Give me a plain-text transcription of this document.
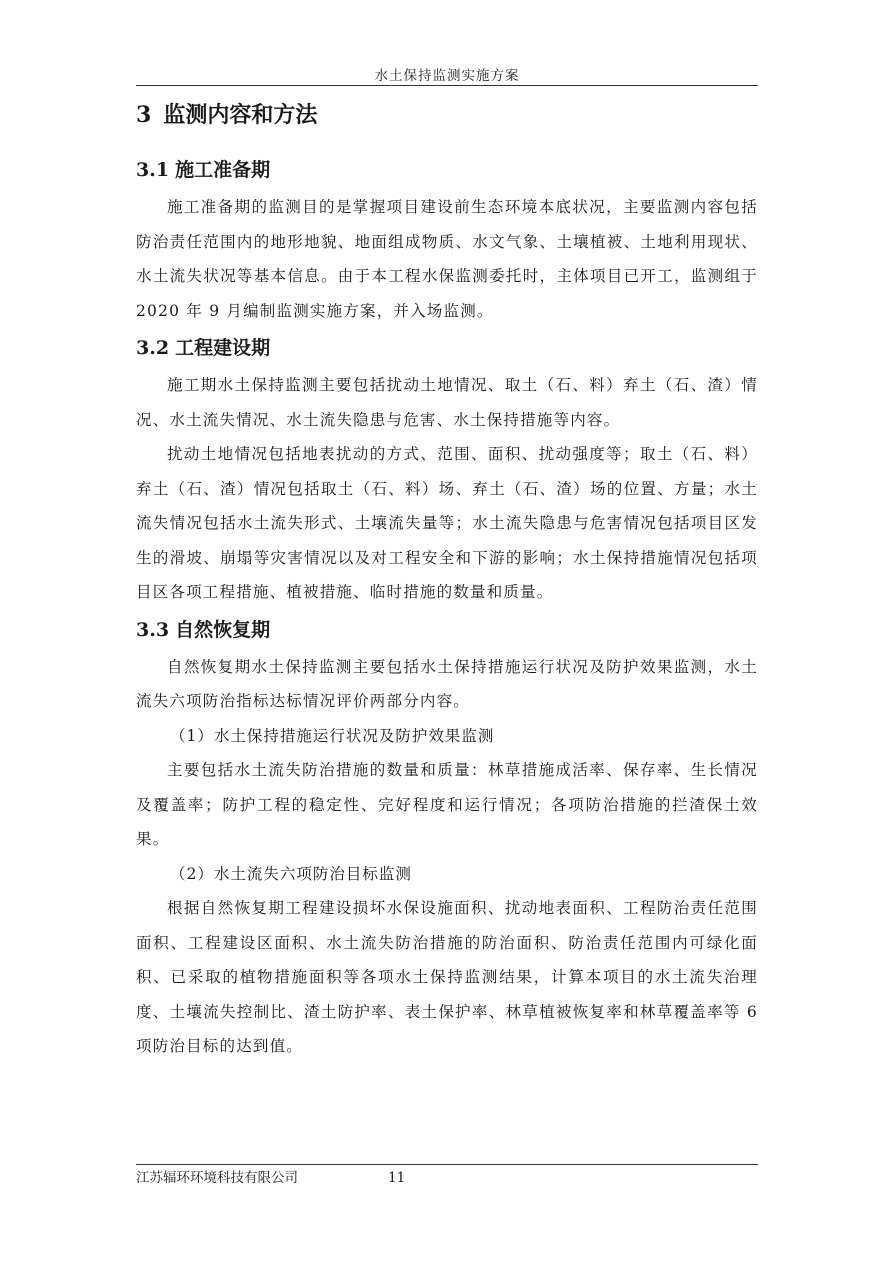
水土保持监测实施方案
3 监测内容和方法
3.1 施工准备期

施工准备期的监测目的是掌握项目建设前生态环境本底状况，主要监测内容包括防治责任范围内的地形地貌、地面组成物质、水文气象、土壤植被、土地利用现状、水土流失状况等基本信息。由于本工程水保监测委托时，主体项目已开工，监测组于 2020 年 9 月编制监测实施方案，并入场监测。

3.2 工程建设期

施工期水土保持监测主要包括扰动土地情况、取土（石、料）弃土（石、渣）情况、水土流失情况、水土流失隐患与危害、水土保持措施等内容。

扰动土地情况包括地表扰动的方式、范围、面积、扰动强度等；取土（石、料）弃土（石、渣）情况包括取土（石、料）场、弃土（石、渣）场的位置、方量；水土流失情况包括水土流失形式、土壤流失量等；水土流失隐患与危害情况包括项目区发生的滑坡、崩塌等灾害情况以及对工程安全和下游的影响；水土保持措施情况包括项目区各项工程措施、植被措施、临时措施的数量和质量。

3.3 自然恢复期

自然恢复期水土保持监测主要包括水土保持措施运行状况及防护效果监测，水土流失六项防治指标达标情况评价两部分内容。

（1）水土保持措施运行状况及防护效果监测

主要包括水土流失防治措施的数量和质量：林草措施成活率、保存率、生长情况及覆盖率；防护工程的稳定性、完好程度和运行情况；各项防治措施的拦渣保土效果。

（2）水土流失六项防治目标监测

根据自然恢复期工程建设损坏水保设施面积、扰动地表面积、工程防治责任范围面积、工程建设区面积、水土流失防治措施的防治面积、防治责任范围内可绿化面积、已采取的植物措施面积等各项水土保持监测结果，计算本项目的水土流失治理度、土壤流失控制比、渣土防护率、表土保护率、林草植被恢复率和林草覆盖率等 6 项防治目标的达到值。

江苏辐环环境科技有限公司	11
